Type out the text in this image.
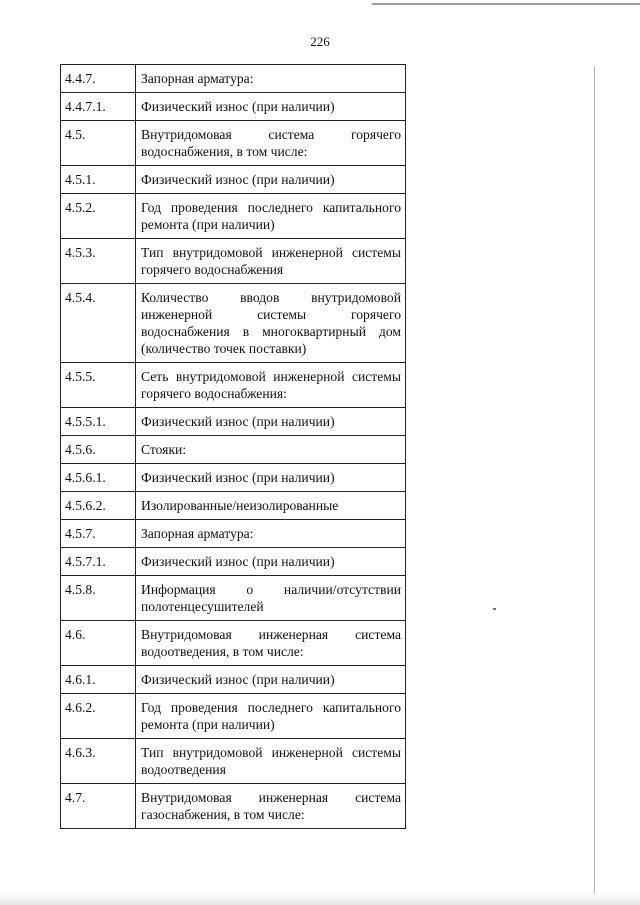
226
4.4.7.	Запорная арматура:
4.4.7.1.	Физический износ (при наличии)
4.5.	Внутридомовая система горячего водоснабжения, в том числе:
4.5.1.	Физический износ (при наличии)
4.5.2.	Год проведения последнего капитального ремонта (при наличии)
4.5.3.	Тип внутридомовой инженерной системы горячего водоснабжения
4.5.4.	Количество вводов внутридомовой инженерной системы горячего водоснабжения в многоквартирный дом (количество точек поставки)
4.5.5.	Сеть внутридомовой инженерной системы горячего водоснабжения:
4.5.5.1.	Физический износ (при наличии)
4.5.6.	Стояки:
4.5.6.1.	Физический износ (при наличии)
4.5.6.2.	Изолированные/неизолированные
4.5.7.	Запорная арматура:
4.5.7.1.	Физический износ (при наличии)
4.5.8.	Информация о наличии/отсутствии полотенцесушителей
4.6.	Внутридомовая инженерная система водоотведения, в том числе:
4.6.1.	Физический износ (при наличии)
4.6.2.	Год проведения последнего капитального ремонта (при наличии)
4.6.3.	Тип внутридомовой инженерной системы водоотведения
4.7.	Внутридомовая инженерная система газоснабжения, в том числе:
